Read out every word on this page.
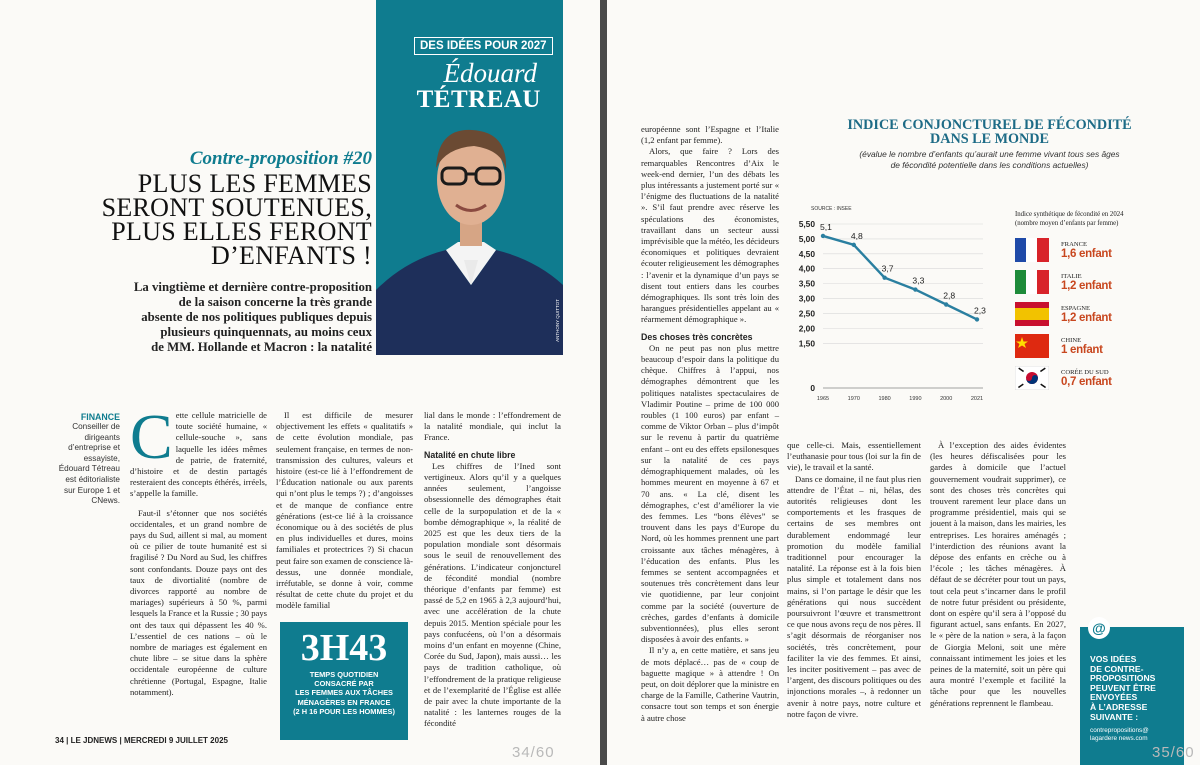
DES IDÉES POUR 2027
Édouard
TÉTREAU
ANTHONY QUITTOT
Contre-proposition #20
PLUS LES FEMMES
SERONT SOUTENUES,
PLUS ELLES FERONT
D’ENFANTS !
La vingtième et dernière contre-proposition
de la saison concerne la très grande
absente de nos politiques publiques depuis
plusieurs quinquennats, au moins ceux
de MM. Hollande et Macron : la natalité
FINANCE
Conseiller de dirigeants d’entreprise et essayiste, Édouard Tétreau est éditorialiste sur Europe 1 et CNews.
C ette cellule matricielle de toute société humaine, « cellule-souche », sans laquelle les idées mêmes de patrie, de fraternité, d’histoire et de destin partagés resteraient des concepts éthérés, irréels, s’appelle la famille.

Faut-il s’étonner que nos sociétés occidentales, et un grand nombre de pays du Sud, aillent si mal, au moment où ce pilier de toute humanité est si fragilisé ? Du Nord au Sud, les chiffres sont confondants. Douze pays ont des taux de divortialité (nombre de divorces rapporté au nombre de mariages) supérieurs à 50 %, parmi lesquels la France et la Russie ; 30 pays ont des taux qui dépassent les 40 %. L’essentiel de ces nations – où le nombre de mariages est également en chute libre – se situe dans la sphère occidentale européenne de culture chrétienne (Portugal, Espagne, Italie notamment).

Il est difficile de mesurer objectivement les effets « qualitatifs » de cette évolution mondiale, pas seulement française, en termes de non-transmission des cultures, valeurs et histoire (est-ce lié à l’effondrement de l’Éducation nationale ou aux parents qui n’ont plus le temps ?) ; d’angoisses et de manque de confiance entre générations (est-ce lié à la croissance économique ou à des sociétés de plus en plus individuelles et dures, moins familiales et protectrices ?) Si chacun peut faire son examen de conscience là-dessus, une donnée mondiale, irréfutable, se donne à voir, comme résultat de cette chute du projet et du modèle familial

3H43
TEMPS QUOTIDIEN
CONSACRÉ PAR
LES FEMMES AUX TÂCHES
MÉNAGÈRES EN FRANCE
(2 H 16 POUR LES HOMMES)

lial dans le monde : l’effondrement de la natalité mondiale, qui inclut la France.

Natalité en chute libre

Les chiffres de l’Ined sont vertigineux. Alors qu’il y a quelques années seulement, l’angoisse obsessionnelle des démographes était celle de la surpopulation et de la « bombe démographique », la réalité de 2025 est que les deux tiers de la population mondiale sont désormais sous le seuil de renouvellement des générations. L’indicateur conjoncturel de fécondité mondial (nombre théorique d’enfants par femme) est passé de 5,2 en 1965 à 2,3 aujourd’hui, avec une accélération de la chute depuis 2015. Mention spéciale pour les pays confucéens, où l’on a désormais moins d’un enfant en moyenne (Chine, Corée du Sud, Japon), mais aussi… les pays de tradition catholique, où l’effondrement de la pratique religieuse et de l’exemplarité de l’Église est allée de pair avec la chute importante de la natalité : les lanternes rouges de la fécondité

34 | LE JDNEWS | MERCREDI 9 JUILLET 2025
34/60

européenne sont l’Espagne et l’Italie (1,2 enfant par femme).

Alors, que faire ? Lors des remarquables Rencontres d’Aix le week-end dernier, l’un des débats les plus intéressants a justement porté sur « l’énigme des fluctuations de la natalité ». S’il faut prendre avec réserve les spéculations des économistes, travaillant dans un secteur aussi imprévisible que la météo, les décideurs économiques et politiques devraient écouter religieusement les démographes : l’avenir et la dynamique d’un pays se disent tout entiers dans les courbes démographiques. Ils sont très loin des harangues présidentielles appelant au « réarmement démographique ».

Des choses très concrètes

On ne peut pas non plus mettre beaucoup d’espoir dans la politique du chèque. Chiffres à l’appui, nos démographes démontrent que les politiques natalistes spectaculaires de Vladimir Poutine – prime de 100 000 roubles (1 100 euros) par enfant – comme de Viktor Orban – plus d’impôt sur le revenu à partir du quatrième enfant – ont eu des effets epsilonesques sur la natalité de ces pays démographiquement malades, où les hommes meurent en moyenne à 67 et 70 ans. « La clé, disent les démographes, c’est d’améliorer la vie des femmes. Les “bons élèves” se trouvent dans les pays d’Europe du Nord, où les hommes prennent une part croissante aux tâches ménagères, à l’éducation des enfants. Plus les femmes se sentent accompagnées et soutenues très concrètement dans leur vie quotidienne, par leur conjoint comme par la société (ouverture de crèches, gardes d’enfants à domicile subventionnées), plus elles seront disposées à avoir des enfants. »

Il n’y a, en cette matière, et sans jeu de mots déplacé… pas de « coup de baguette magique » à attendre ! On peut, on doit déplorer que la ministre en charge de la Famille, Catherine Vautrin, consacre tout son temps et son énergie à autre chose

INDICE CONJONCTUREL DE FÉCONDITÉ
DANS LE MONDE
(évalue le nombre d’enfants qu’aurait une femme vivant tous ses âges
de fécondité potentielle dans les conditions actuelles)
SOURCE : INSEE
0
1,50
2,00
2,50
3,00
3,50
4,00
4,50
5,00
5,50
1965	1970	1980	1990	2000	2021
5,1
4,8
3,7
3,3
2,8
2,3
Indice synthétique de fécondité en 2024
(nombre moyen d’enfants par femme)
FRANCE
1,6 enfant
ITALIE
1,2 enfant
ESPAGNE
1,2 enfant
CHINE
1 enfant
CORÉE DU SUD
0,7 enfant

que celle-ci. Mais, essentiellement l’euthanasie pour tous (loi sur la fin de vie), le travail et la santé.

Dans ce domaine, il ne faut plus rien attendre de l’État – ni, hélas, des autorités religieuses dont les comportements et les frasques de certains de ses membres ont durablement endommagé leur promotion du modèle familial traditionnel pour encourager la natalité. La réponse est à la fois bien plus simple et totalement dans nos mains, si l’on partage le désir que les générations qui nous succèdent poursuivront l’œuvre et transmettront ce que nous avons reçu de nos pères. Il s’agit désormais de réorganiser nos sociétés, très concrètement, pour faciliter la vie des femmes. Et ainsi, les inciter positivement – pas avec de l’argent, des discours politiques ou des injonctions morales –, à redonner un avenir à notre pays, notre culture et notre façon de vivre.

À l’exception des aides évidentes (les heures défiscalisées pour les gardes à domicile que l’actuel gouvernement voudrait supprimer), ce sont des choses très concrètes qui trouvent rarement leur place dans un programme présidentiel, mais qui se jouent à la maison, dans les mairies, les entreprises. Les horaires aménagés ; l’interdiction des réunions avant la dépose des enfants en crèche ou à l’école ; les tâches ménagères. À défaut de se décréter pour tout un pays, tout cela peut s’incarner dans le profil de notre futur président ou présidente, dont on espère qu’il sera à l’opposé du figurant actuel, sans enfants. En 2027, le « père de la nation » sera, à la façon de Giorgia Meloni, soit une mère connaissant intimement les joies et les peines de la maternité, soit un père qui aura montré l’exemple et facilité la tâche pour que les nouvelles générations reprennent le flambeau.

@
VOS IDÉES
DE CONTRE-
PROPOSITIONS
PEUVENT ÊTRE
ENVOYÉES
À L’ADRESSE
SUIVANTE :
contrepropositions@
lagardere news.com
35/60
